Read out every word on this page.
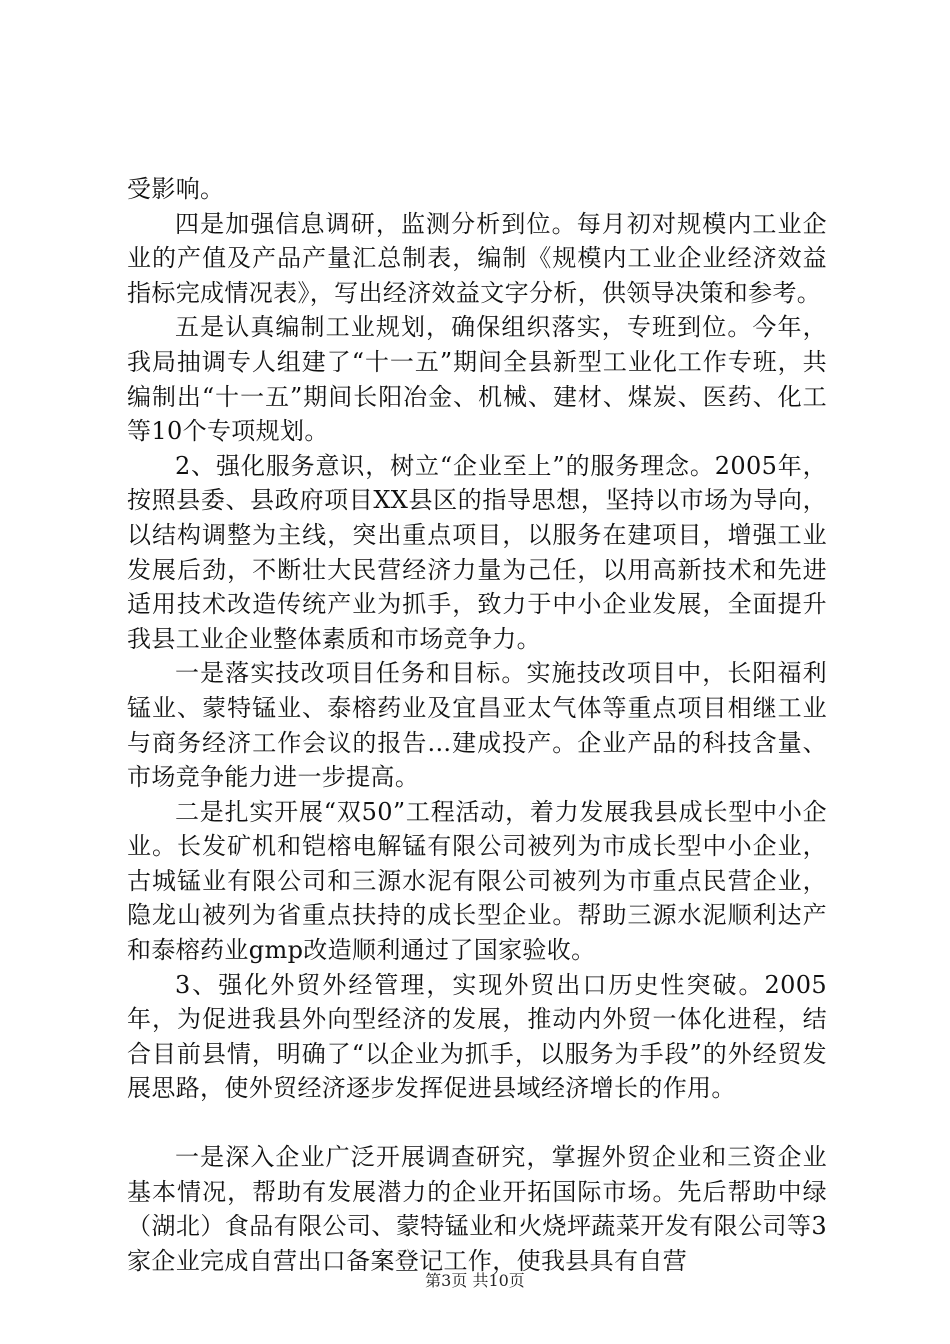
受影响。

四是加强信息调研，监测分析到位。每月初对规模内工业企业的产值及产品产量汇总制表，编制《规模内工业企业经济效益指标完成情况表》，写出经济效益文字分析，供领导决策和参考。

五是认真编制工业规划，确保组织落实，专班到位。今年，我局抽调专人组建了“十一五”期间全县新型工业化工作专班，共编制出“十一五”期间长阳冶金、机械、建材、煤炭、医药、化工等10个专项规划。

2、强化服务意识，树立“企业至上”的服务理念。2005年，按照县委、县政府项目XX县区的指导思想，坚持以市场为导向，以结构调整为主线，突出重点项目，以服务在建项目，增强工业发展后劲，不断壮大民营经济力量为己任，以用高新技术和先进适用技术改造传统产业为抓手，致力于中小企业发展，全面提升我县工业企业整体素质和市场竞争力。

一是落实技改项目任务和目标。实施技改项目中，长阳福利锰业、蒙特锰业、泰榕药业及宜昌亚太气体等重点项目相继工业与商务经济工作会议的报告...建成投产。企业产品的科技含量、市场竞争能力进一步提高。

二是扎实开展“双50”工程活动，着力发展我县成长型中小企业。长发矿机和铠榕电解锰有限公司被列为市成长型中小企业，古城锰业有限公司和三源水泥有限公司被列为市重点民营企业，隐龙山被列为省重点扶持的成长型企业。帮助三源水泥顺利达产和泰榕药业gmp改造顺利通过了国家验收。

3、强化外贸外经管理，实现外贸出口历史性突破。2005年，为促进我县外向型经济的发展，推动内外贸一体化进程，结合目前县情，明确了“以企业为抓手，以服务为手段”的外经贸发展思路，使外贸经济逐步发挥促进县域经济增长的作用。

一是深入企业广泛开展调查研究，掌握外贸企业和三资企业基本情况，帮助有发展潜力的企业开拓国际市场。先后帮助中绿（湖北）食品有限公司、蒙特锰业和火烧坪蔬菜开发有限公司等3家企业完成自营出口备案登记工作，使我县具有自营

第3页 共10页
